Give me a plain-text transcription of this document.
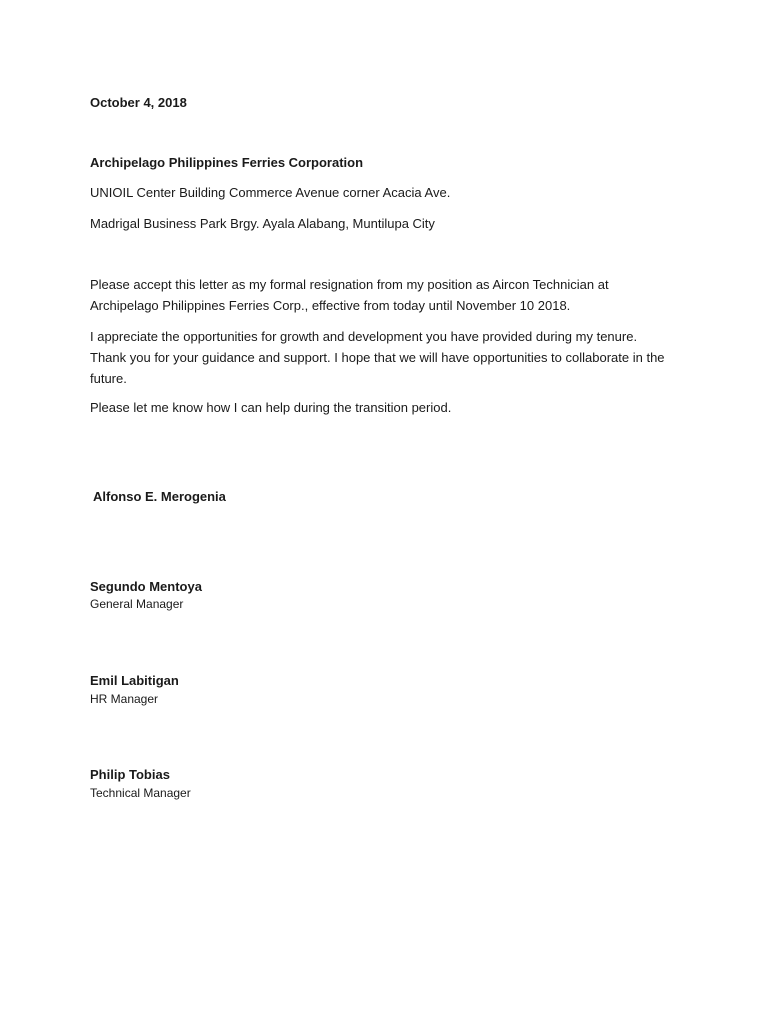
October 4, 2018
Archipelago Philippines Ferries Corporation
UNIOIL Center Building Commerce Avenue corner Acacia Ave.
Madrigal Business Park Brgy. Ayala Alabang, Muntilupa City
Please accept this letter as my formal resignation from my position as Aircon Technician at Archipelago Philippines Ferries Corp., effective from today until November 10 2018.
I appreciate the opportunities for growth and development you have provided during my tenure. Thank you for your guidance and support. I hope that we will have opportunities to collaborate in the future.
Please let me know how I can help during the transition period.
Alfonso E. Merogenia
Segundo Mentoya
General Manager
Emil Labitigan
HR Manager
Philip Tobias
Technical Manager
